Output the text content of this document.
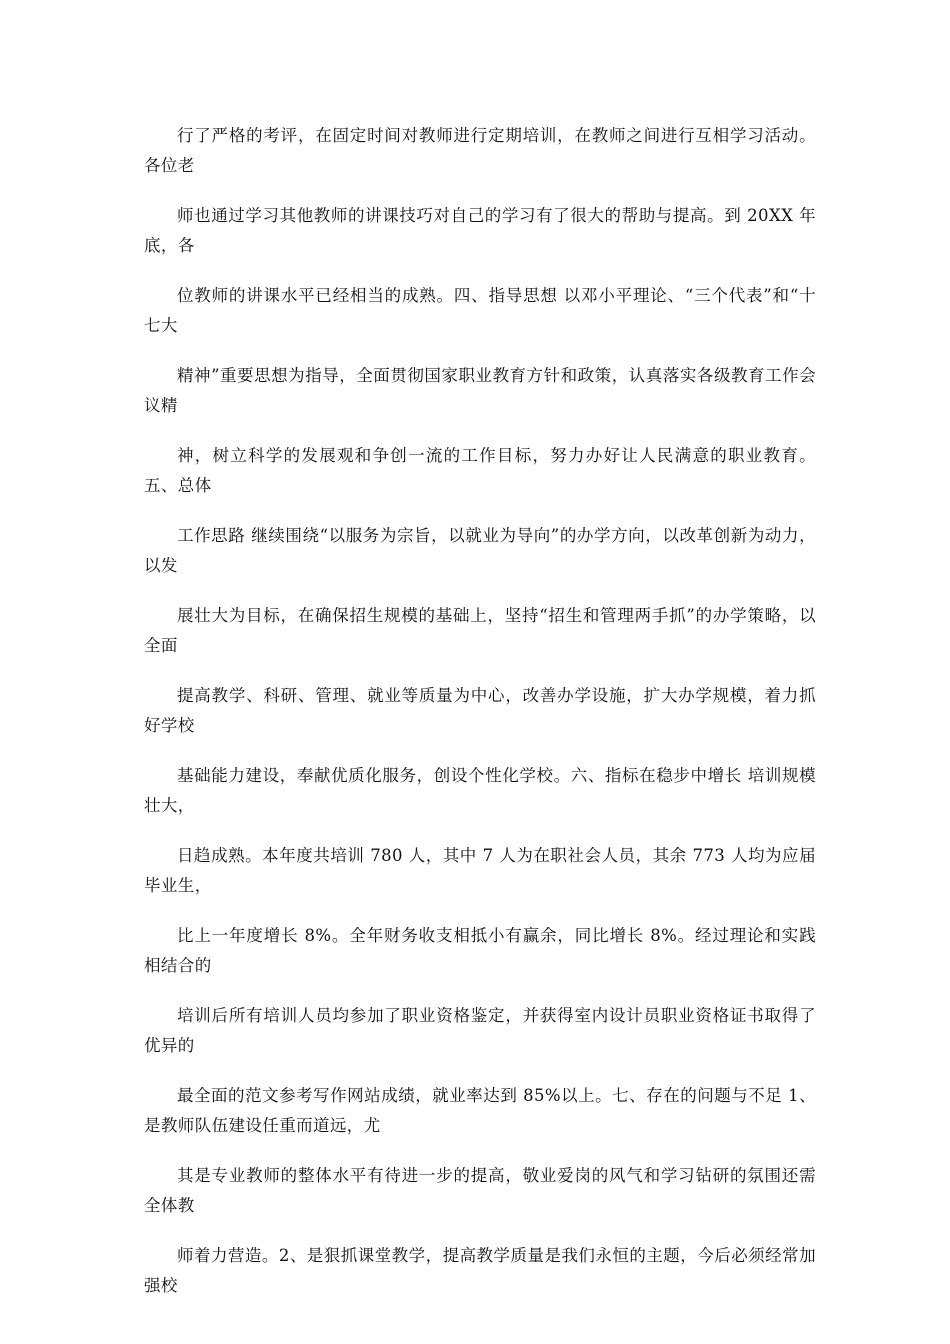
行了严格的考评，在固定时间对教师进行定期培训，在教师之间进行互相学习活动。各位老

师也通过学习其他教师的讲课技巧对自己的学习有了很大的帮助与提高。到 20XX 年底，各

位教师的讲课水平已经相当的成熟。四、指导思想 以邓小平理论、“三个代表”和“十七大

精神”重要思想为指导，全面贯彻国家职业教育方针和政策，认真落实各级教育工作会议精

神，树立科学的发展观和争创一流的工作目标，努力办好让人民满意的职业教育。五、总体

工作思路 继续围绕“以服务为宗旨，以就业为导向”的办学方向，以改革创新为动力，以发

展壮大为目标，在确保招生规模的基础上，坚持“招生和管理两手抓”的办学策略，以全面

提高教学、科研、管理、就业等质量为中心，改善办学设施，扩大办学规模，着力抓好学校

基础能力建设，奉献优质化服务，创设个性化学校。六、指标在稳步中增长 培训规模壮大，

日趋成熟。本年度共培训 780 人，其中 7 人为在职社会人员，其余 773 人均为应届毕业生，

比上一年度增长 8%。全年财务收支相抵小有赢余，同比增长 8%。经过理论和实践相结合的

培训后所有培训人员均参加了职业资格鉴定，并获得室内设计员职业资格证书取得了优异的

最全面的范文参考写作网站成绩，就业率达到 85%以上。七、存在的问题与不足 1、是教师队伍建设任重而道远，尤

其是专业教师的整体水平有待进一步的提高，敬业爱岗的风气和学习钻研的氛围还需全体教

师着力营造。2、是狠抓课堂教学，提高教学质量是我们永恒的主题，今后必须经常加强校
